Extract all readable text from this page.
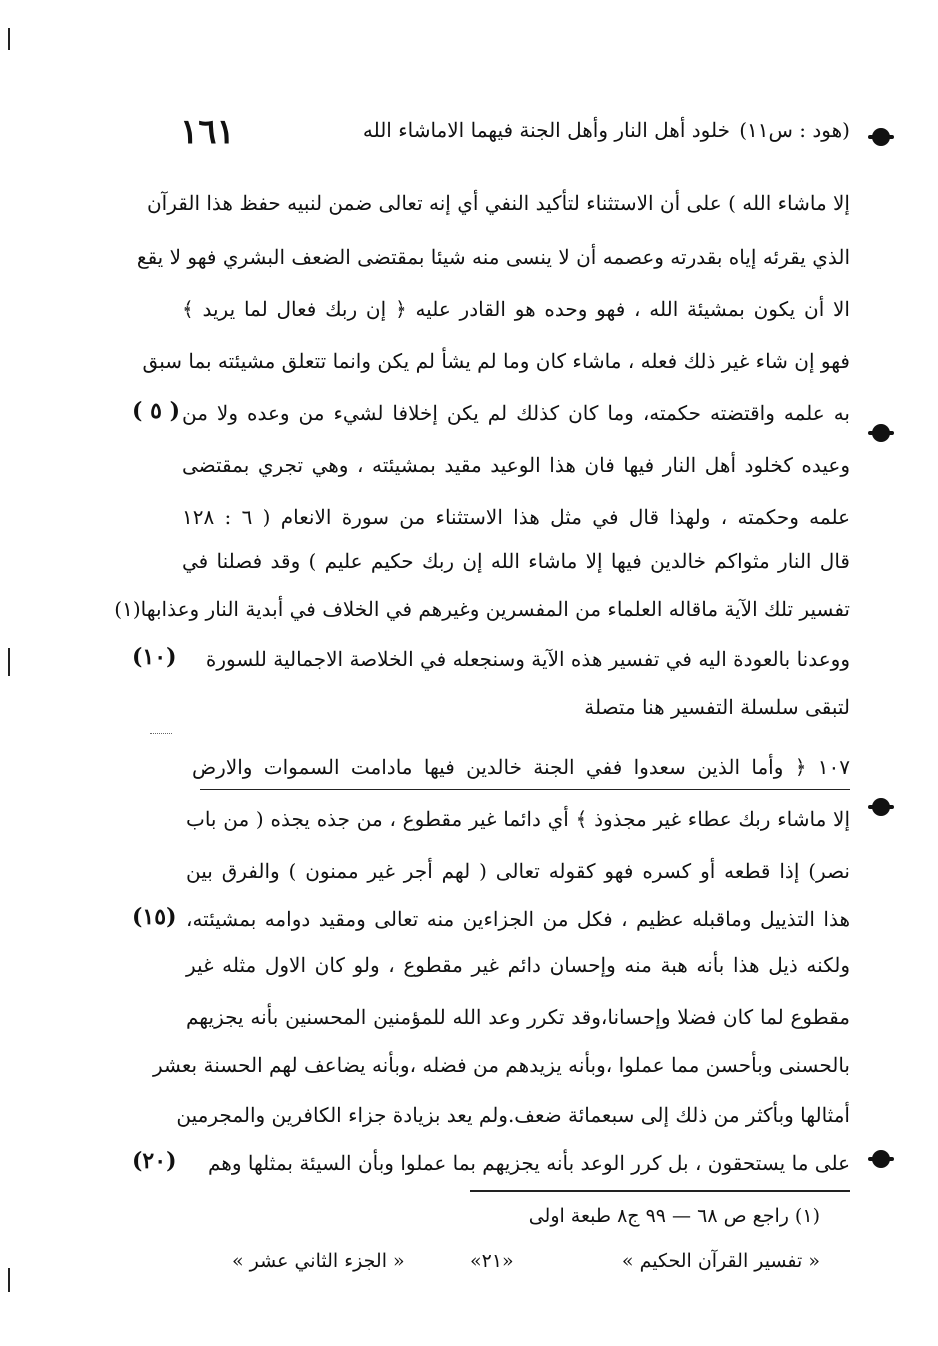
١٦١	خلود أهل النار وأهل الجنة فيهما الاماشاء الله (هود : س١١)
إلا ماشاء الله ) على أن الاستثناء لتأكيد النفي أي إنه تعالى ضمن لنبيه حفظ هذا القرآن
الذي يقرئه إياه بقدرته وعصمه أن لا ينسى منه شيئا بمقتضى الضعف البشري فهو لا يقع
الا أن يكون بمشيئة الله ، فهو وحده هو القادر عليه ﴿ إن ربك فعال لما يريد ﴾
فهو إن شاء غير ذلك فعله ، ماشاء كان وما لم يشأ لم يكن وانما تتعلق مشيئته بما سبق
به علمه واقتضته حكمته، وما كان كذلك لم يكن إخلافا لشيء من وعده ولا من
وعيده كخلود أهل النار فيها فان هذا الوعيد مقيد بمشيئته ، وهي تجري بمقتضى
علمه وحكمته ، ولهذا قال في مثل هذا الاستثناء من سورة الانعام ( ٦ : ١٢٨
قال النار مثواكم خالدين فيها إلا ماشاء الله إن ربك حكيم عليم ) وقد فصلنا في
تفسير تلك الآية ماقاله العلماء من المفسرين وغيرهم في الخلاف في أبدية النار وعذابها(١)
ووعدنا بالعودة اليه في تفسير هذه الآية وسنجعله في الخلاصة الاجمالية للسورة
لتبقى سلسلة التفسير هنا متصلة
( ٥ )
(١٠)
(١٥)
(٢٠)
١٠٧ ﴿ وأما الذين سعدوا ففي الجنة خالدين فيها مادامت السموات والارض
إلا ماشاء ربك عطاء غير مجذوذ ﴾ أي دائما غير مقطوع ، من جذه يجذه ( من باب
نصر) إذا قطعه أو كسره فهو كقوله تعالى ( لهم أجر غير ممنون ) والفرق بين
هذا التذييل وماقبله عظيم ، فكل من الجزاءين منه تعالى ومقيد دوامه بمشيئته،
ولكنه ذيل هذا بأنه هبة منه وإحسان دائم غير مقطوع ، ولو كان الاول مثله غير
مقطوع لما كان فضلا وإحسانا،وقد تكرر وعد الله للمؤمنين المحسنين بأنه يجزيهم
بالحسنى وبأحسن مما عملوا ،وبأنه يزيدهم من فضله ،وبأنه يضاعف لهم الحسنة بعشر
أمثالها وبأكثر من ذلك إلى سبعمائة ضعف.ولم يعد بزيادة جزاء الكافرين والمجرمين
على ما يستحقون ، بل كرر الوعد بأنه يجزيهم بما عملوا وبأن السيئة بمثلها وهم
(١) راجع ص ٦٨ — ٩٩ ج٨ طبعة اولى
« تفسير القرآن الحكيم »
«٢١»
« الجزء الثاني عشر »
